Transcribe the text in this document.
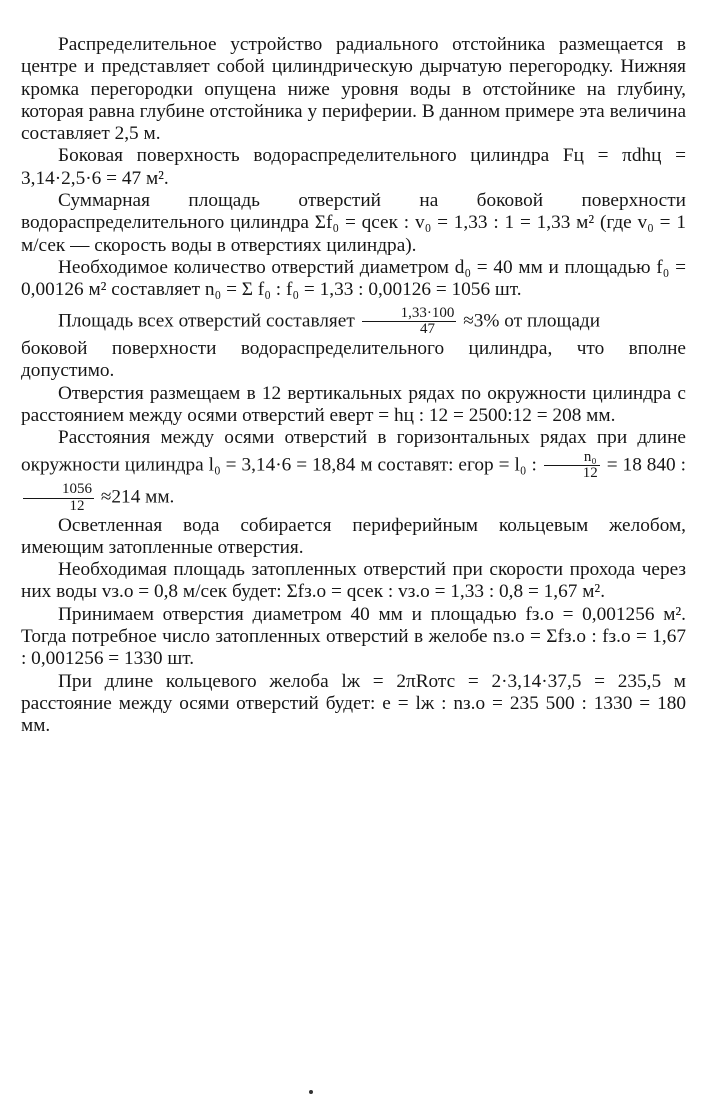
Распределительное устройство радиального отстойника размещается в центре и представляет собой цилиндрическую дырчатую перегородку. Нижняя кромка перегородки опущена ниже уровня воды в отстойнике на глубину, которая равна глубине отстойника у периферии. В данном примере эта величина составляет 2,5 м.

Боковая поверхность водораспределительного цилиндра Fц = πdhц = 3,14·2,5·6 = 47 м².

Суммарная площадь отверстий на боковой поверхности водораспределительного цилиндра Σf₀ = qсек : v₀ = 1,33 : 1 = 1,33 м² (где v₀ = 1 м/сек — скорость воды в отверстиях цилиндра).

Необходимое количество отверстий диаметром d₀ = 40 мм и площадью f₀ = 0,00126 м² составляет n₀ = Σ f₀ : f₀ = 1,33 : 0,00126 = 1056 шт.

Площадь всех отверстий составляет $\frac{1,33\cdot 100}{47} \approx 3\%$ от площади

боковой поверхности водораспределительного цилиндра, что вполне допустимо.

Отверстия размещаем в 12 вертикальных рядах по окружности цилиндра с расстоянием между осями отверстий eверт = hц : 12 = 2500:12 = 208 мм.

Расстояния между осями отверстий в горизонтальных рядах при длине окружности цилиндра l₀ = 3,14·6 = 18,84 м составят: eгор = l₀ : $\frac{\text{n₀}}{12} = 18$ 840 :
$\frac{1056}{12} \approx 214$ мм.

Осветленная вода собирается периферийным кольцевым желобом, имеющим затопленные отверстия.

Необходимая площадь затопленных отверстий при скорости прохода через них воды vз.о = 0,8 м/сек будет: Σfз.о = qсек : vз.о = 1,33 : 0,8 = 1,67 м².

Принимаем отверстия диаметром 40 мм и площадью fз.о = 0,001256 м². Тогда потребное число затопленных отверстий в желобе nз.о = Σfз.о : fз.о = 1,67 : 0,001256 = 1330 шт.

При длине кольцевого желоба lж = 2πRотс = 2·3,14·37,5 = 235,5 м расстояние между осями отверстий будет: e = lж : nз.о = 235 500 : 1330 = 180 мм.
